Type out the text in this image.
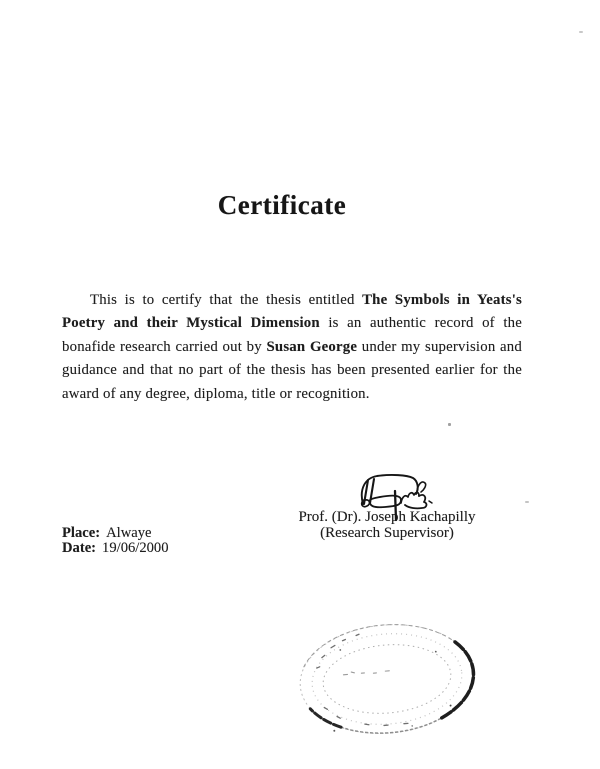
Certificate
This is to certify that the thesis entitled The Symbols in Yeats's
Poetry and their Mystical Dimension is an authentic record of the
bonafide research carried out by Susan George under my supervision and
guidance and that no part of the thesis has been presented earlier for the
award of any degree, diploma, title or recognition.
Prof. (Dr). Joseph Kachapilly
(Research Supervisor)
Place: Alwaye
Date: 19/06/2000
